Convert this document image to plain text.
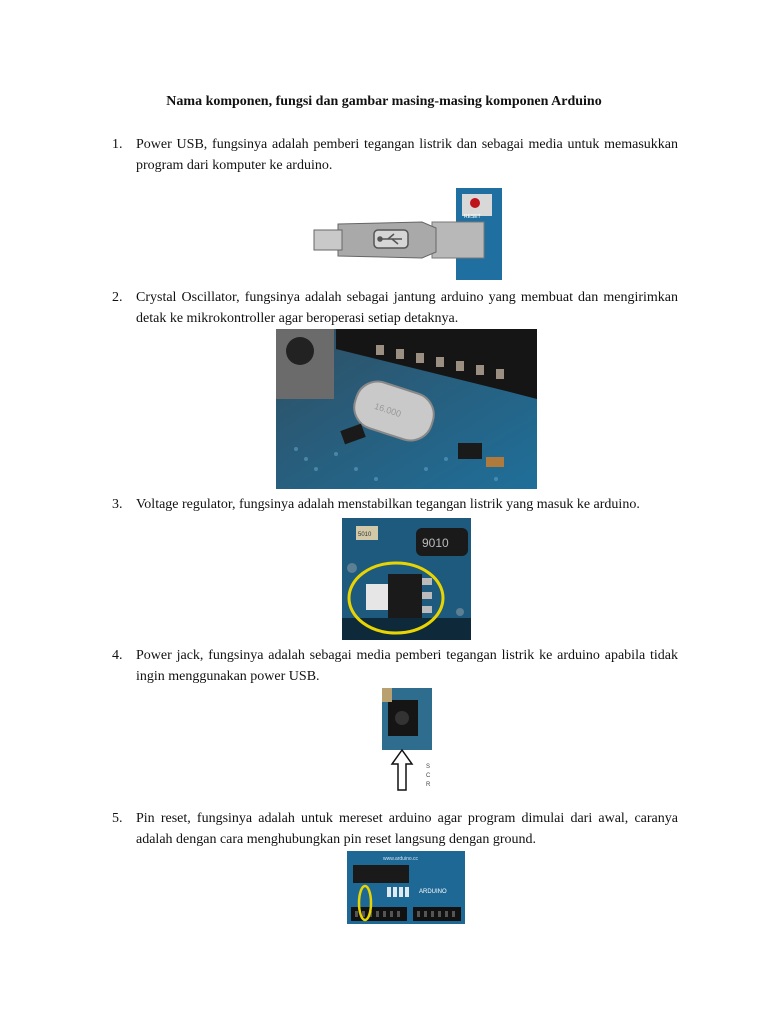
Nama komponen, fungsi dan gambar masing-masing komponen Arduino
1. Power USB, fungsinya adalah pemberi tegangan listrik dan sebagai media untuk memasukkan program dari komputer ke arduino.
RESET
2. Crystal Oscillator, fungsinya adalah sebagai jantung arduino yang membuat dan mengirimkan detak ke mikrokontroller agar beroperasi setiap detaknya.
16.000
3. Voltage regulator, fungsinya adalah menstabilkan tegangan listrik yang masuk ke arduino.
5010
9010
4. Power jack, fungsinya adalah sebagai media pemberi tegangan listrik ke arduino apabila tidak ingin menggunakan power USB.
S C R
5. Pin reset, fungsinya adalah untuk mereset arduino agar program dimulai dari awal, caranya adalah dengan cara menghubungkan pin reset langsung dengan ground.
www.arduino.cc
ARDUINO
